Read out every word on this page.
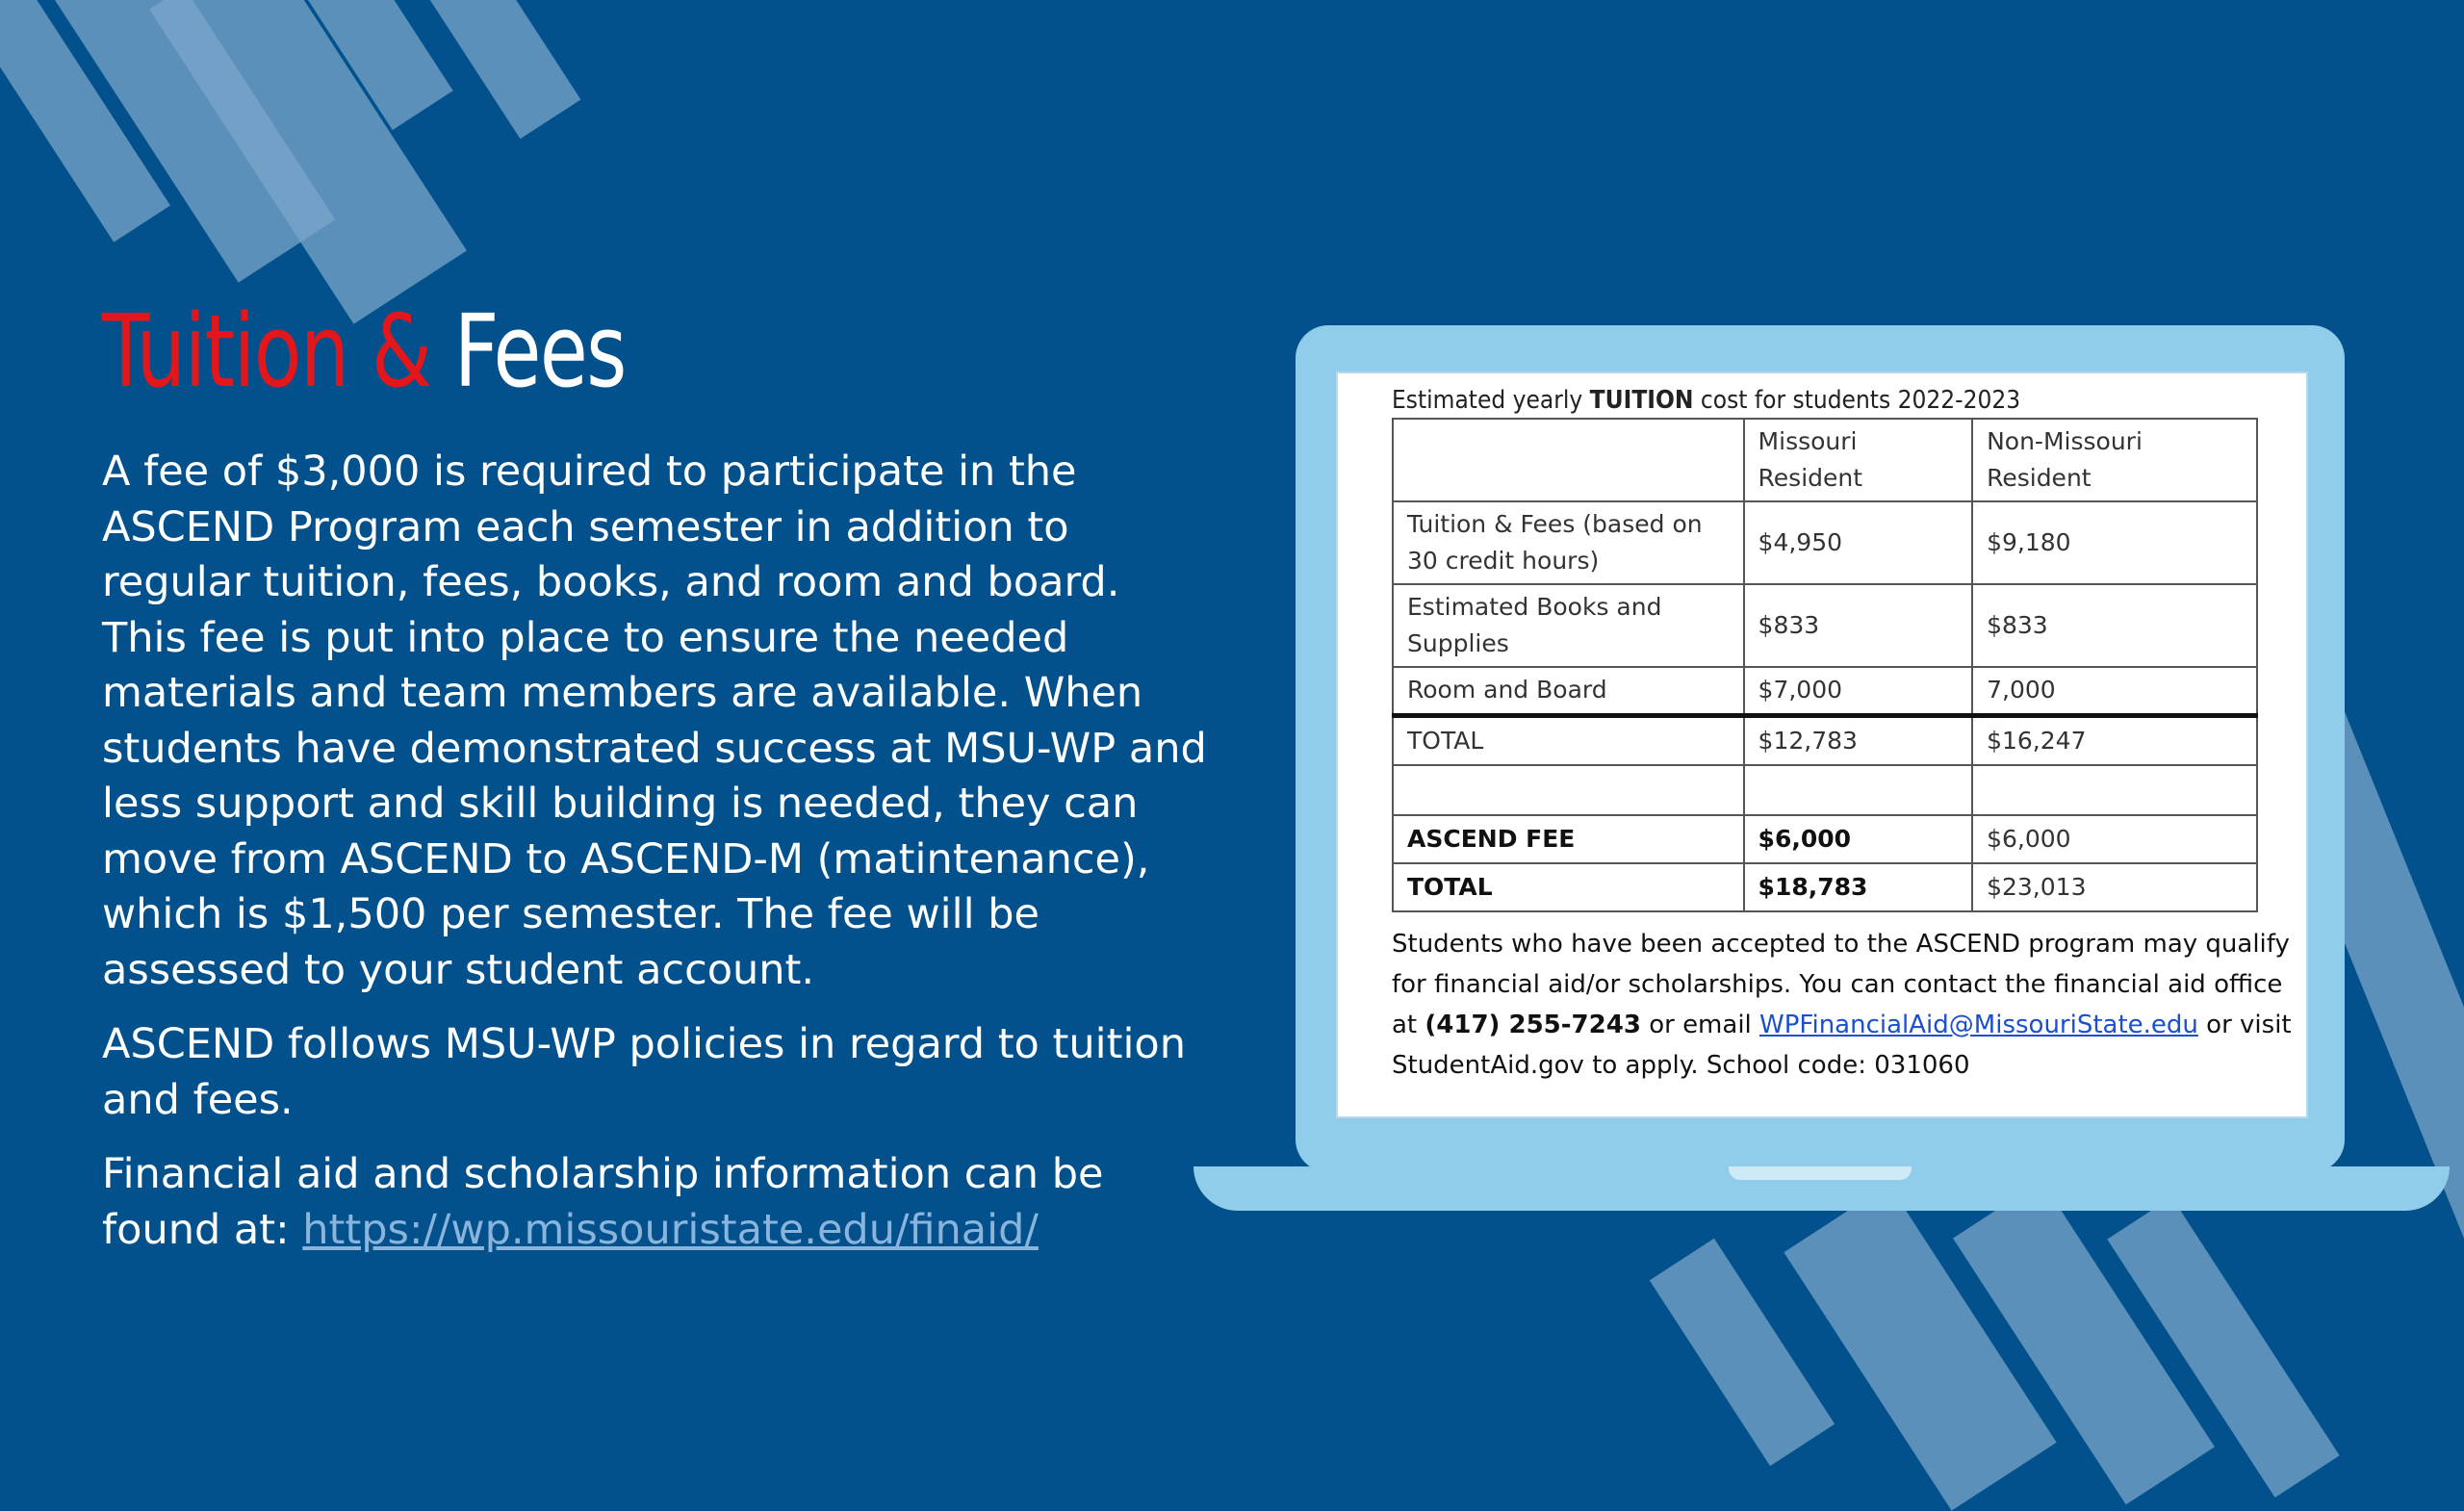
Tuition & Fees

A fee of $3,000 is required to participate in the ASCEND Program each semester in addition to regular tuition, fees, books, and room and board. This fee is put into place to ensure the needed materials and team members are available. When students have demonstrated success at MSU-WP and less support and skill building is needed, they can move from ASCEND to ASCEND-M (matintenance), which is $1,500 per semester. The fee will be assessed to your student account.

ASCEND follows MSU-WP policies in regard to tuition and fees.

Financial aid and scholarship information can be found at: https://wp.missouristate.edu/finaid/

Estimated yearly TUITION cost for students 2022-2023
	Missouri Resident	Non-Missouri Resident
Tuition & Fees (based on 30 credit hours)	$4,950	$9,180
Estimated Books and Supplies	$833	$833
Room and Board	$7,000	7,000
TOTAL	$12,783	$16,247

ASCEND FEE	$6,000	$6,000
TOTAL	$18,783	$23,013
Students who have been accepted to the ASCEND program may qualify for financial aid/or scholarships. You can contact the financial aid office at (417) 255-7243 or email WPFinancialAid@MissouriState.edu or visit StudentAid.gov to apply. School code: 031060
